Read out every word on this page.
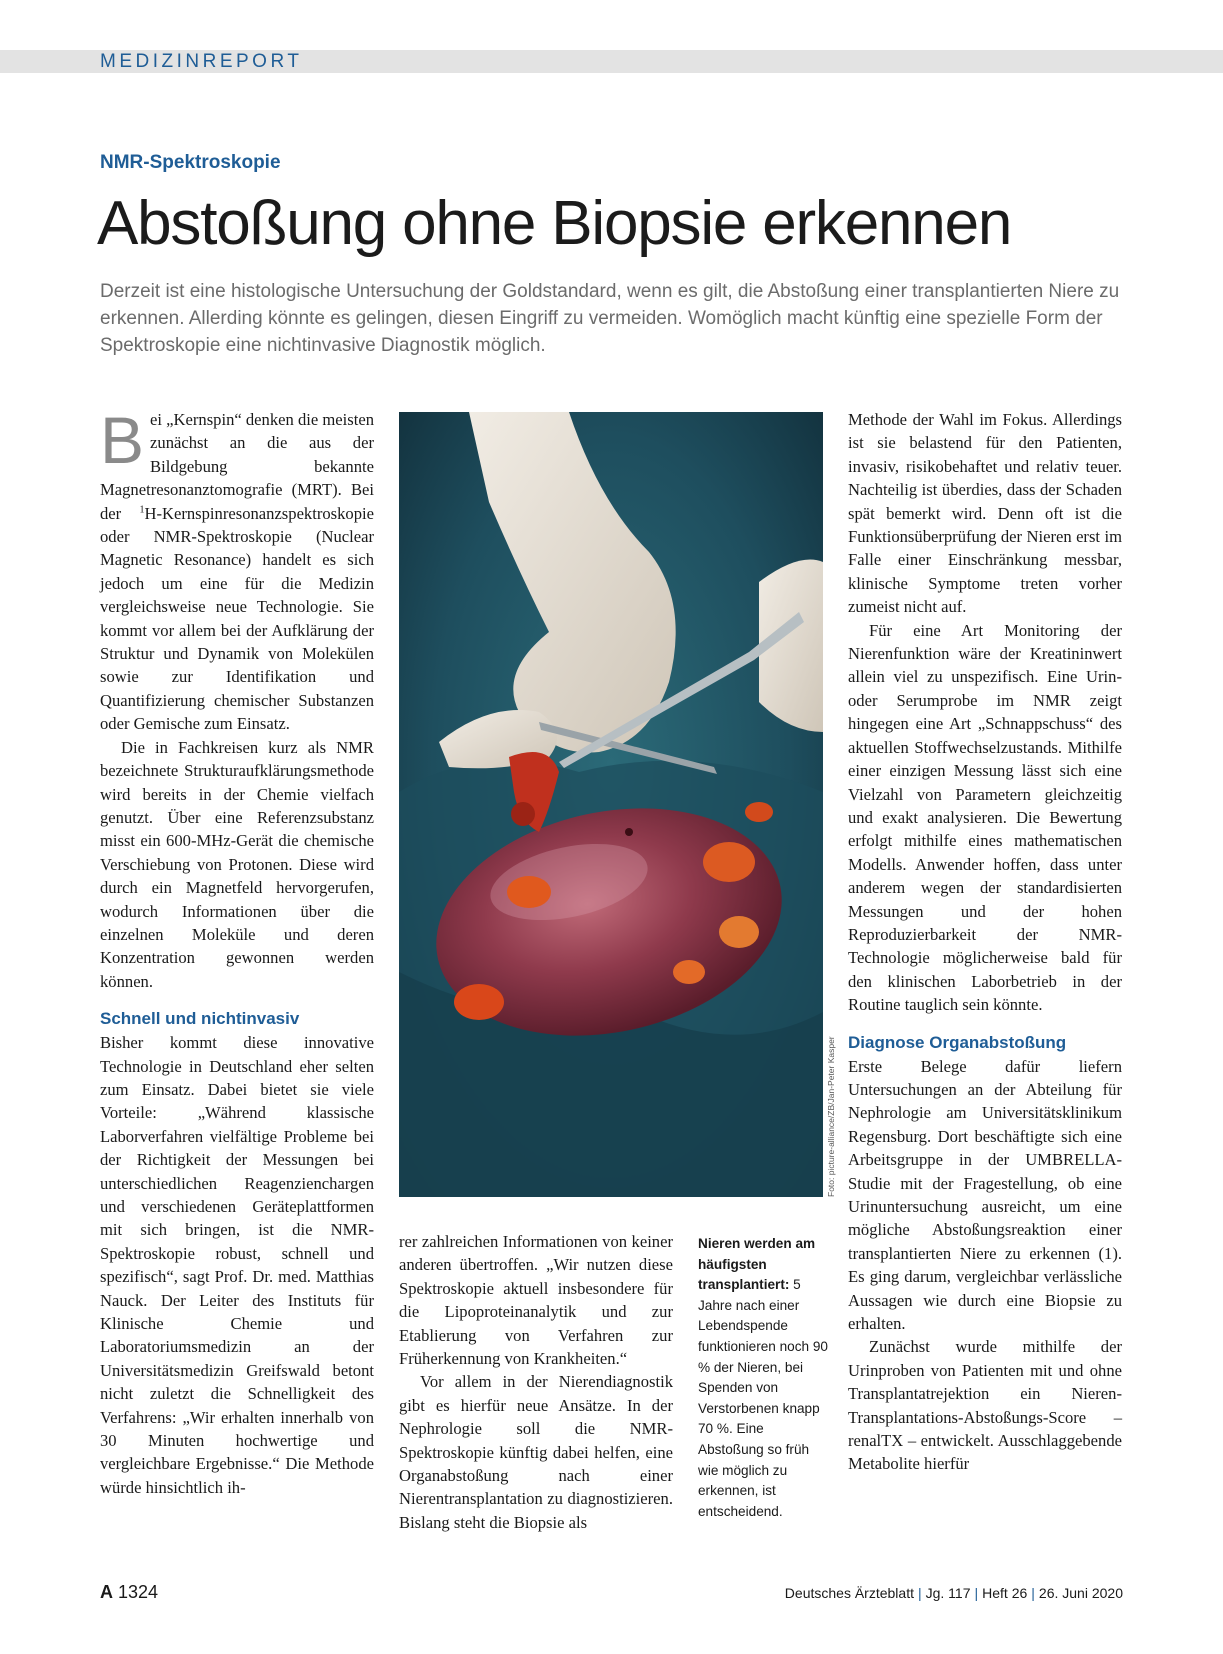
MEDIZINREPORT
NMR-Spektroskopie
Abstoßung ohne Biopsie erkennen
Derzeit ist eine histologische Untersuchung der Goldstandard, wenn es gilt, die Abstoßung einer transplantierten Niere zu erkennen. Allerding könnte es gelingen, diesen Eingriff zu vermeiden. Womöglich macht künftig eine spezielle Form der Spektroskopie eine nichtinvasive Diagnostik möglich.

Bei „Kernspin“ denken die meisten zunächst an die aus der Bildgebung bekannte Magnetresonanztomografie (MRT). Bei der $^1$H-Kernspinresonanzspektroskopie oder NMR-Spektroskopie (Nuclear Magnetic Resonance) handelt es sich jedoch um eine für die Medizin vergleichsweise neue Technologie. Sie kommt vor allem bei der Aufklärung der Struktur und Dynamik von Molekülen sowie zur Identifikation und Quantifizierung chemischer Substanzen oder Gemische zum Einsatz.

Die in Fachkreisen kurz als NMR bezeichnete Strukturaufklärungsmethode wird bereits in der Chemie vielfach genutzt. Über eine Referenzsubstanz misst ein 600-MHz-Gerät die chemische Verschiebung von Protonen. Diese wird durch ein Magnetfeld hervorgerufen, wodurch Informationen über die einzelnen Moleküle und deren Konzentration gewonnen werden können.

Schnell und nichtinvasiv

Bisher kommt diese innovative Technologie in Deutschland eher selten zum Einsatz. Dabei bietet sie viele Vorteile: „Während klassische Laborverfahren vielfältige Probleme bei der Richtigkeit der Messungen bei unterschiedlichen Reagenzienchargen und verschiedenen Geräteplattformen mit sich bringen, ist die NMR-Spektroskopie robust, schnell und spezifisch“, sagt Prof. Dr. med. Matthias Nauck. Der Leiter des Instituts für Klinische Chemie und Laboratoriumsmedizin an der Universitätsmedizin Greifswald betont nicht zuletzt die Schnelligkeit des Verfahrens: „Wir erhalten innerhalb von 30 Minuten hochwertige und vergleichbare Ergebnisse.“ Die Methode würde hinsichtlich ih-

Foto: picture-alliance/ZB/Jan-Peter Kasper

rer zahlreichen Informationen von keiner anderen übertroffen. „Wir nutzen diese Spektroskopie aktuell insbesondere für die Lipoproteinanalytik und zur Etablierung von Verfahren zur Früherkennung von Krankheiten.“

Vor allem in der Nierendiagnostik gibt es hierfür neue Ansätze. In der Nephrologie soll die NMR-Spektroskopie künftig dabei helfen, eine Organabstoßung nach einer Nierentransplantation zu diagnostizieren. Bislang steht die Biopsie als

Nieren werden am häufigsten transplantiert: 5 Jahre nach einer Lebendspende funktionieren noch 90 % der Nieren, bei Spenden von Verstorbenen knapp 70 %. Eine Abstoßung so früh wie möglich zu erkennen, ist entscheidend.

Methode der Wahl im Fokus. Allerdings ist sie belastend für den Patienten, invasiv, risikobehaftet und relativ teuer. Nachteilig ist überdies, dass der Schaden spät bemerkt wird. Denn oft ist die Funktionsüberprüfung der Nieren erst im Falle einer Einschränkung messbar, klinische Symptome treten vorher zumeist nicht auf.

Für eine Art Monitoring der Nierenfunktion wäre der Kreatininwert allein viel zu unspezifisch. Eine Urin- oder Serumprobe im NMR zeigt hingegen eine Art „Schnappschuss“ des aktuellen Stoffwechselzustands. Mithilfe einer einzigen Messung lässt sich eine Vielzahl von Parametern gleichzeitig und exakt analysieren. Die Bewertung erfolgt mithilfe eines mathematischen Modells. Anwender hoffen, dass unter anderem wegen der standardisierten Messungen und der hohen Reproduzierbarkeit der NMR-Technologie möglicherweise bald für den klinischen Laborbetrieb in der Routine tauglich sein könnte.

Diagnose Organabstoßung

Erste Belege dafür liefern Untersuchungen an der Abteilung für Nephrologie am Universitätsklinikum Regensburg. Dort beschäftigte sich eine Arbeitsgruppe in der UMBRELLA-Studie mit der Fragestellung, ob eine Urinuntersuchung ausreicht, um eine mögliche Abstoßungsreaktion einer transplantierten Niere zu erkennen (1). Es ging darum, vergleichbar verlässliche Aussagen wie durch eine Biopsie zu erhalten.

Zunächst wurde mithilfe der Urinproben von Patienten mit und ohne Transplantatrejektion ein Nieren-Transplantations-Abstoßungs-Score – renalTX – entwickelt. Ausschlaggebende Metabolite hierfür

A 1324	Deutsches Ärzteblatt | Jg. 117 | Heft 26 | 26. Juni 2020
